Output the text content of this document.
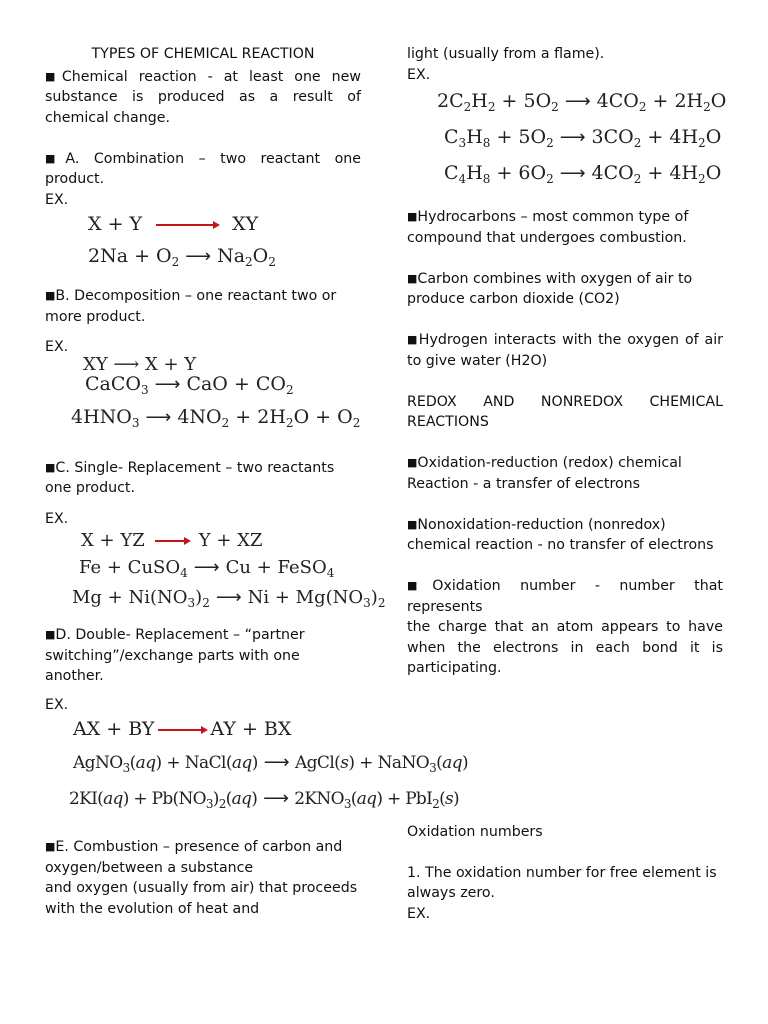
TYPES OF CHEMICAL REACTION

■Chemical reaction - at least one new substance is produced as a result of chemical change.

■A. Combination – two reactant one product.

EX.

X + Y	XY
$2Na + O_2$ ⟶ $Na_2O_2$

■B. Decomposition – one reactant two or more product.

EX.

XY ⟶ X + Y
CaCO$_3$ ⟶ CaO + $CO_2$
$4HNO_3$ ⟶ $4NO_2 + 2H_2O + O_2$

■C. Single- Replacement – two reactants one product.

EX.

X + YZ	Y + XZ
Fe + CuSO$_4$ ⟶ Cu + FeSO$_4$
$Mg + Ni(NO_3)_2$ ⟶ $Ni + Mg(NO_3)_2$

■D. Double- Replacement – “partner switching”/exchange parts with one another.

EX.

AX + BY	AY + BX
AgNO$_3$(aq) + NaCl(aq) ⟶ AgCl(s) + NaNO$_3$(aq)
$2KI(aq) + Pb(NO_3)_2(aq)$ ⟶ $2KNO_3(aq) + PbI_2(s)$

■E. Combustion – presence of carbon and oxygen/between a substance

and oxygen (usually from air) that proceeds with the evolution of heat and

light (usually from a flame).

EX.

$2C_2H_2 + 5O_2$ ⟶ $4CO_2 + 2H_2O$
$C_3H_8 + 5O_2$ ⟶ $3CO_2 + 4H_2O$
$C_4H_8 + 6O_2$ ⟶ $4CO_2 + 4H_2O$

■Hydrocarbons – most common type of compound that undergoes combustion.

■Carbon combines with oxygen of air to produce carbon dioxide (CO2)

■Hydrogen interacts with the oxygen of air to give water (H2O)

REDOX AND NONREDOX CHEMICAL REACTIONS

■Oxidation-reduction (redox) chemical Reaction - a transfer of electrons

■Nonoxidation-reduction (nonredox) chemical reaction - no transfer of electrons

■Oxidation number - number that represents

the charge that an atom appears to have when the electrons in each bond it is participating.

Oxidation numbers

1. The oxidation number for free element is always zero.

EX.
